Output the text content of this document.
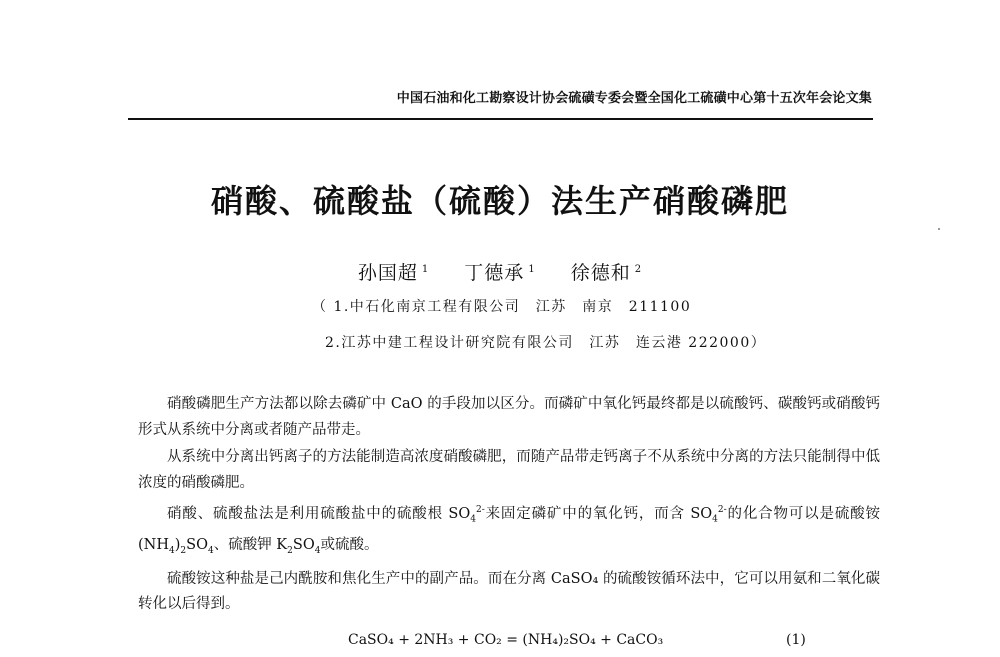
中国石油和化工勘察设计协会硫磺专委会暨全国化工硫磺中心第十五次年会论文集
硝酸、硫酸盐（硫酸）法生产硝酸磷肥
孙国超 $^1$ 丁德承 $^1$ 徐德和 $^2$
（ 1.中石化南京工程有限公司　江苏　南京　211100
2.江苏中建工程设计研究院有限公司　江苏　连云港 222000）

硝酸磷肥生产方法都以除去磷矿中 CaO 的手段加以区分。而磷矿中氧化钙最终都是以硫酸钙、碳酸钙或硝酸钙形式从系统中分离或者随产品带走。

从系统中分离出钙离子的方法能制造高浓度硝酸磷肥，而随产品带走钙离子不从系统中分离的方法只能制得中低浓度的硝酸磷肥。

硝酸、硫酸盐法是利用硫酸盐中的硫酸根 $SO_4^{2-}$来固定磷矿中的氧化钙，而含 $SO_4^{2-}$的化合物可以是硫酸铵 $(NH_4)_2SO_4$、硫酸钾 $K_2SO_4$或硫酸。

硫酸铵这种盐是己内酰胺和焦化生产中的副产品。而在分离 CaSO₄ 的硫酸铵循环法中，它可以用氨和二氧化碳转化以后得到。

CaSO₄ + 2NH₃ + CO₂ = (NH₄)₂SO₄ + CaCO₃	(1)
